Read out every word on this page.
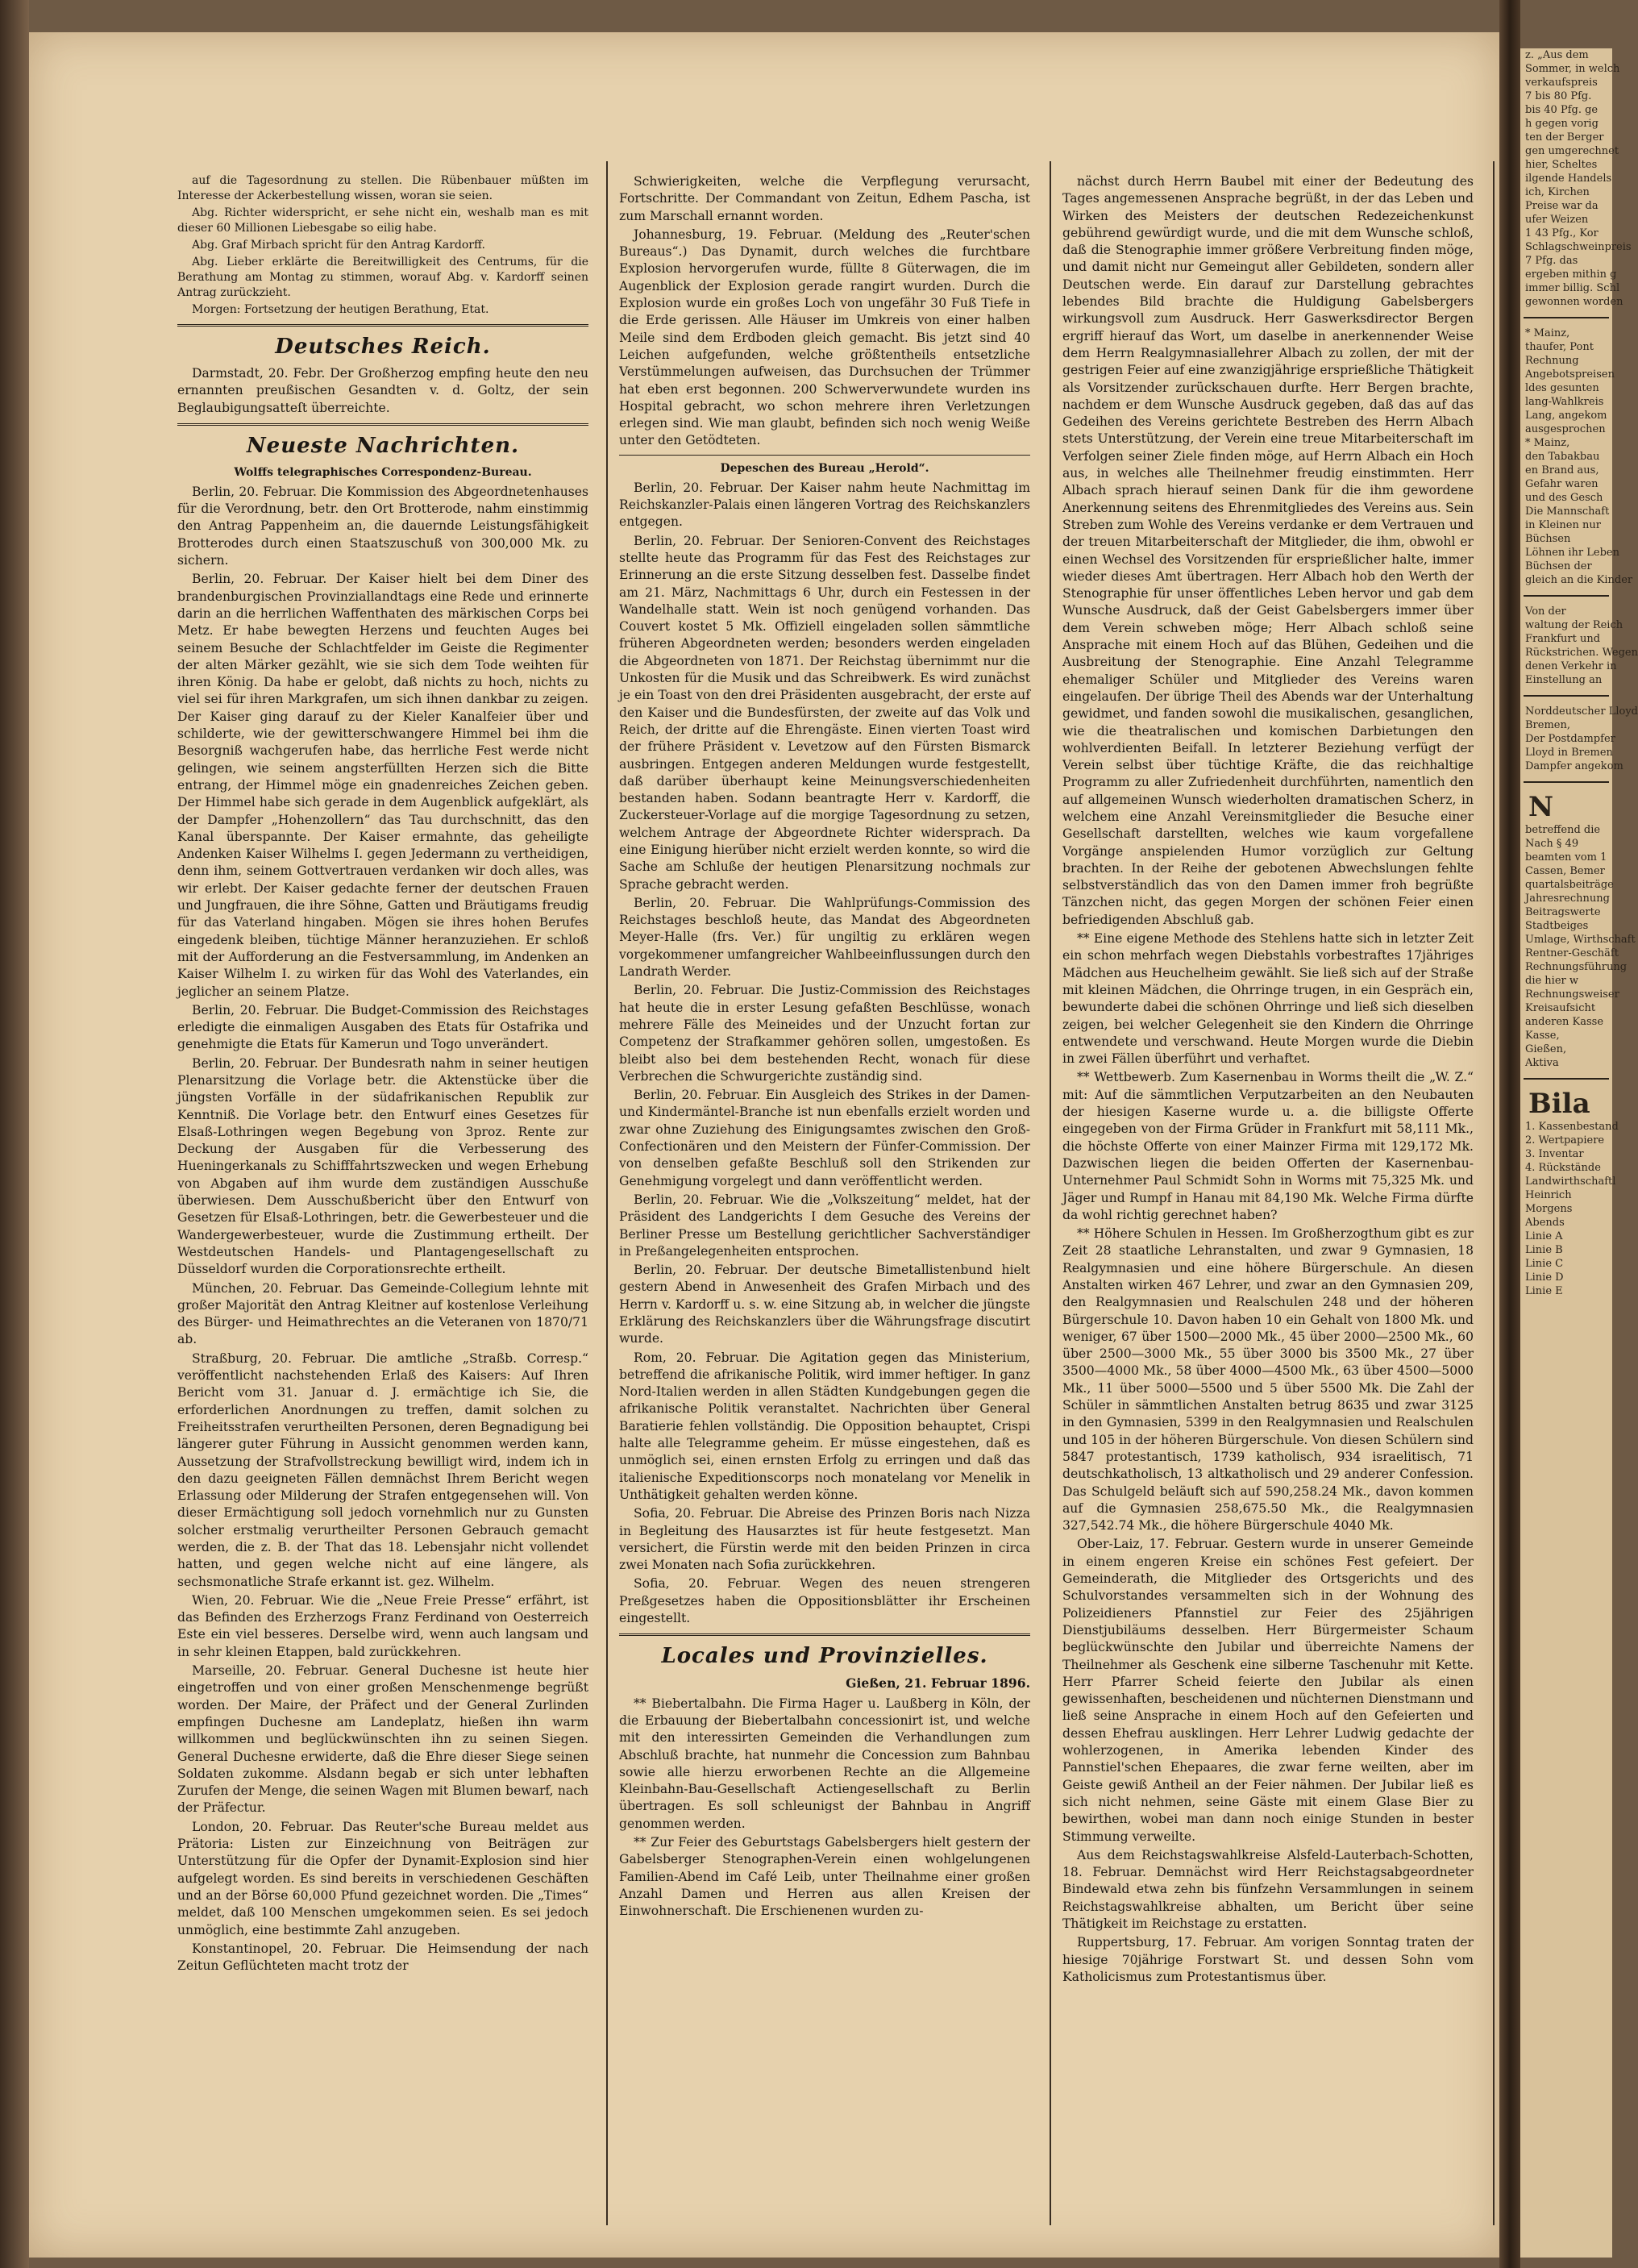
auf die Tagesordnung zu stellen. Die Rübenbauer müßten im Interesse der Ackerbestellung wissen, woran sie seien.

Abg. Richter widerspricht, er sehe nicht ein, weshalb man es mit dieser 60 Millionen Liebesgabe so eilig habe.

Abg. Graf Mirbach spricht für den Antrag Kardorff.

Abg. Lieber erklärte die Bereitwilligkeit des Centrums, für die Berathung am Montag zu stimmen, worauf Abg. v. Kardorff seinen Antrag zurückzieht.

Morgen: Fortsetzung der heutigen Berathung, Etat.

Deutsches Reich.

Darmstadt, 20. Febr. Der Großherzog empfing heute den neu ernannten preußischen Gesandten v. d. Goltz, der sein Beglaubigungsatteſt überreichte.

Neueste Nachrichten.
Wolffs telegraphisches Correspondenz-Bureau.

Berlin, 20. Februar. Die Kommission des Abgeordnetenhauses für die Verordnung, betr. den Ort Brotterode, nahm einstimmig den Antrag Pappenheim an, die dauernde Leistungsfähigkeit Brotterodes durch einen Staatszuschuß von 300,000 Mk. zu sichern.

Berlin, 20. Februar. Der Kaiser hielt bei dem Diner des brandenburgischen Provinziallandtags eine Rede und erinnerte darin an die herrlichen Waffenthaten des märkischen Corps bei Metz. Er habe bewegten Herzens und feuchten Auges bei seinem Besuche der Schlachtfelder im Geiste die Regimenter der alten Märker gezählt, wie sie sich dem Tode weihten für ihren König. Da habe er gelobt, daß nichts zu hoch, nichts zu viel sei für ihren Markgrafen, um sich ihnen dankbar zu zeigen. Der Kaiser ging darauf zu der Kieler Kanalfeier über und schilderte, wie der gewitterschwangere Himmel bei ihm die Besorgniß wachgerufen habe, das herrliche Fest werde nicht gelingen, wie seinem angsterfüllten Herzen sich die Bitte entrang, der Himmel möge ein gnadenreiches Zeichen geben. Der Himmel habe sich gerade in dem Augenblick aufgeklärt, als der Dampfer „Hohenzollern“ das Tau durchschnitt, das den Kanal überspannte. Der Kaiser ermahnte, das geheiligte Andenken Kaiser Wilhelms I. gegen Jedermann zu vertheidigen, denn ihm, seinem Gottvertrauen verdanken wir doch alles, was wir erlebt. Der Kaiser gedachte ferner der deutschen Frauen und Jungfrauen, die ihre Söhne, Gatten und Bräutigams freudig für das Vaterland hingaben. Mögen sie ihres hohen Berufes eingedenk bleiben, tüchtige Männer heranzuziehen. Er schloß mit der Aufforderung an die Festversammlung, im Andenken an Kaiser Wilhelm I. zu wirken für das Wohl des Vaterlandes, ein jeglicher an seinem Platze.

Berlin, 20. Februar. Die Budget-Commission des Reichstages erledigte die einmaligen Ausgaben des Etats für Ostafrika und genehmigte die Etats für Kamerun und Togo unverändert.

Berlin, 20. Februar. Der Bundesrath nahm in seiner heutigen Plenarsitzung die Vorlage betr. die Aktenstücke über die jüngsten Vorfälle in der südafrikanischen Republik zur Kenntniß. Die Vorlage betr. den Entwurf eines Gesetzes für Elsaß-Lothringen wegen Begebung von 3proz. Rente zur Deckung der Ausgaben für die Verbesserung des Hueningerkanals zu Schifffahrtszwecken und wegen Erhebung von Abgaben auf ihm wurde dem zuständigen Ausschuße überwiesen. Dem Ausschußbericht über den Entwurf von Gesetzen für Elsaß-Lothringen, betr. die Gewerbesteuer und die Wandergewerbesteuer, wurde die Zustimmung ertheilt. Der Westdeutschen Handels- und Plantagengesellschaft zu Düsseldorf wurden die Corporationsrechte ertheilt.

München, 20. Februar. Das Gemeinde-Collegium lehnte mit großer Majorität den Antrag Kleitner auf kostenlose Verleihung des Bürger- und Heimathrechtes an die Veteranen von 1870/71 ab.

Straßburg, 20. Februar. Die amtliche „Straßb. Corresp.“ veröffentlicht nachstehenden Erlaß des Kaisers: Auf Ihren Bericht vom 31. Januar d. J. ermächtige ich Sie, die erforderlichen Anordnungen zu treffen, damit solchen zu Freiheitsstrafen verurtheilten Personen, deren Begnadigung bei längerer guter Führung in Aussicht genommen werden kann, Aussetzung der Strafvollstreckung bewilligt wird, indem ich in den dazu geeigneten Fällen demnächst Ihrem Bericht wegen Erlassung oder Milderung der Strafen entgegensehen will. Von dieser Ermächtigung soll jedoch vornehmlich nur zu Gunsten solcher erstmalig verurtheilter Personen Gebrauch gemacht werden, die z. B. der That das 18. Lebensjahr nicht vollendet hatten, und gegen welche nicht auf eine längere, als sechsmonatliche Strafe erkannt ist. gez. Wilhelm.

Wien, 20. Februar. Wie die „Neue Freie Presse“ erfährt, ist das Befinden des Erzherzogs Franz Ferdinand von Oesterreich Este ein viel besseres. Derselbe wird, wenn auch langsam und in sehr kleinen Etappen, bald zurückkehren.

Marseille, 20. Februar. General Duchesne ist heute hier eingetroffen und von einer großen Menschenmenge begrüßt worden. Der Maire, der Präfect und der General Zurlinden empfingen Duchesne am Landeplatz, hießen ihn warm willkommen und beglückwünschten ihn zu seinen Siegen. General Duchesne erwiderte, daß die Ehre dieser Siege seinen Soldaten zukomme. Alsdann begab er sich unter lebhaften Zurufen der Menge, die seinen Wagen mit Blumen bewarf, nach der Präfectur.

London, 20. Februar. Das Reuter'sche Bureau meldet aus Prätoria: Listen zur Einzeichnung von Beiträgen zur Unterstützung für die Opfer der Dynamit-Explosion sind hier aufgelegt worden. Es sind bereits in verschiedenen Geschäften und an der Börse 60,000 Pfund gezeichnet worden. Die „Times“ meldet, daß 100 Menschen umgekommen seien. Es sei jedoch unmöglich, eine bestimmte Zahl anzugeben.

Konstantinopel, 20. Februar. Die Heimsendung der nach Zeitun Geflüchteten macht trotz der

Schwierigkeiten, welche die Verpflegung verursacht, Fortschritte. Der Commandant von Zeitun, Edhem Pascha, ist zum Marschall ernannt worden.

Johannesburg, 19. Februar. (Meldung des „Reuter'schen Bureaus“.) Das Dynamit, durch welches die furchtbare Explosion hervorgerufen wurde, füllte 8 Güterwagen, die im Augenblick der Explosion gerade rangirt wurden. Durch die Explosion wurde ein großes Loch von ungefähr 30 Fuß Tiefe in die Erde gerissen. Alle Häuser im Umkreis von einer halben Meile sind dem Erdboden gleich gemacht. Bis jetzt sind 40 Leichen aufgefunden, welche größtentheils entsetzliche Verstümmelungen aufweisen, das Durchsuchen der Trümmer hat eben erst begonnen. 200 Schwerverwundete wurden ins Hospital gebracht, wo schon mehrere ihren Verletzungen erlegen sind. Wie man glaubt, befinden sich noch wenig Weiße unter den Getödteten.

Depeschen des Bureau „Herold“.

Berlin, 20. Februar. Der Kaiser nahm heute Nachmittag im Reichskanzler-Palais einen längeren Vortrag des Reichskanzlers entgegen.

Berlin, 20. Februar. Der Senioren-Convent des Reichstages stellte heute das Programm für das Fest des Reichstages zur Erinnerung an die erste Sitzung desselben fest. Dasselbe findet am 21. März, Nachmittags 6 Uhr, durch ein Festessen in der Wandelhalle statt. Wein ist noch genügend vorhanden. Das Couvert kostet 5 Mk. Offiziell eingeladen sollen sämmtliche früheren Abgeordneten werden; besonders werden eingeladen die Abgeordneten von 1871. Der Reichstag übernimmt nur die Unkosten für die Musik und das Schreibwerk. Es wird zunächst je ein Toast von den drei Präsidenten ausgebracht, der erste auf den Kaiser und die Bundesfürsten, der zweite auf das Volk und Reich, der dritte auf die Ehrengäste. Einen vierten Toast wird der frühere Präsident v. Levetzow auf den Fürsten Bismarck ausbringen. Entgegen anderen Meldungen wurde festgestellt, daß darüber überhaupt keine Meinungsverschiedenheiten bestanden haben. Sodann beantragte Herr v. Kardorff, die Zuckersteuer-Vorlage auf die morgige Tagesordnung zu setzen, welchem Antrage der Abgeordnete Richter widersprach. Da eine Einigung hierüber nicht erzielt werden konnte, so wird die Sache am Schluße der heutigen Plenarsitzung nochmals zur Sprache gebracht werden.

Berlin, 20. Februar. Die Wahlprüfungs-Commission des Reichstages beschloß heute, das Mandat des Abgeordneten Meyer-Halle (frs. Ver.) für ungiltig zu erklären wegen vorgekommener umfangreicher Wahlbeeinflussungen durch den Landrath Werder.

Berlin, 20. Februar. Die Justiz-Commission des Reichstages hat heute die in erster Lesung gefaßten Beschlüsse, wonach mehrere Fälle des Meineides und der Unzucht fortan zur Competenz der Strafkammer gehören sollen, umgestoßen. Es bleibt also bei dem bestehenden Recht, wonach für diese Verbrechen die Schwurgerichte zuständig sind.

Berlin, 20. Februar. Ein Ausgleich des Strikes in der Damen- und Kindermäntel-Branche ist nun ebenfalls erzielt worden und zwar ohne Zuziehung des Einigungsamtes zwischen den Groß-Confectionären und den Meistern der Fünfer-Commission. Der von denselben gefaßte Beschluß soll den Strikenden zur Genehmigung vorgelegt und dann veröffentlicht werden.

Berlin, 20. Februar. Wie die „Volkszeitung“ meldet, hat der Präsident des Landgerichts I dem Gesuche des Vereins der Berliner Presse um Bestellung gerichtlicher Sachverständiger in Preßangelegenheiten entsprochen.

Berlin, 20. Februar. Der deutsche Bimetallistenbund hielt gestern Abend in Anwesenheit des Grafen Mirbach und des Herrn v. Kardorff u. s. w. eine Sitzung ab, in welcher die jüngste Erklärung des Reichskanzlers über die Währungsfrage discutirt wurde.

Rom, 20. Februar. Die Agitation gegen das Ministerium, betreffend die afrikanische Politik, wird immer heftiger. In ganz Nord-Italien werden in allen Städten Kundgebungen gegen die afrikanische Politik veranstaltet. Nachrichten über General Baratierie fehlen vollständig. Die Opposition behauptet, Crispi halte alle Telegramme geheim. Er müsse eingestehen, daß es unmöglich sei, einen ernsten Erfolg zu erringen und daß das italienische Expeditionscorps noch monatelang vor Menelik in Unthätigkeit gehalten werden könne.

Sofia, 20. Februar. Die Abreise des Prinzen Boris nach Nizza in Begleitung des Hausarztes ist für heute festgesetzt. Man versichert, die Fürstin werde mit den beiden Prinzen in circa zwei Monaten nach Sofia zurückkehren.

Sofia, 20. Februar. Wegen des neuen strengeren Preßgesetzes haben die Oppositionsblätter ihr Erscheinen eingestellt.

Locales und Provinzielles.
Gießen, 21. Februar 1896.

** Biebertalbahn. Die Firma Hager u. Laußberg in Köln, der die Erbauung der Biebertalbahn concessionirt ist, und welche mit den interessirten Gemeinden die Verhandlungen zum Abschluß brachte, hat nunmehr die Concession zum Bahnbau sowie alle hierzu erworbenen Rechte an die Allgemeine Kleinbahn-Bau-Gesellschaft Actiengesellschaft zu Berlin übertragen. Es soll schleunigst der Bahnbau in Angriff genommen werden.

** Zur Feier des Geburtstags Gabelsbergers hielt gestern der Gabelsberger Stenographen-Verein einen wohlgelungenen Familien-Abend im Café Leib, unter Theilnahme einer großen Anzahl Damen und Herren aus allen Kreisen der Einwohnerschaft. Die Erschienenen wurden zu-

nächst durch Herrn Baubel mit einer der Bedeutung des Tages angemessenen Ansprache begrüßt, in der das Leben und Wirken des Meisters der deutschen Redezeichenkunst gebührend gewürdigt wurde, und die mit dem Wunsche schloß, daß die Stenographie immer größere Verbreitung finden möge, und damit nicht nur Gemeingut aller Gebildeten, sondern aller Deutschen werde. Ein darauf zur Darstellung gebrachtes lebendes Bild brachte die Huldigung Gabelsbergers wirkungsvoll zum Ausdruck. Herr Gaswerksdirector Bergen ergriff hierauf das Wort, um daselbe in anerkennender Weise dem Herrn Realgymnasiallehrer Albach zu zollen, der mit der gestrigen Feier auf eine zwanzigjährige ersprießliche Thätigkeit als Vorsitzender zurückschauen durfte. Herr Bergen brachte, nachdem er dem Wunsche Ausdruck gegeben, daß das auf das Gedeihen des Vereins gerichtete Bestreben des Herrn Albach stets Unterstützung, der Verein eine treue Mitarbeiterschaft im Verfolgen seiner Ziele finden möge, auf Herrn Albach ein Hoch aus, in welches alle Theilnehmer freudig einstimmten. Herr Albach sprach hierauf seinen Dank für die ihm gewordene Anerkennung seitens des Ehrenmitgliedes des Vereins aus. Sein Streben zum Wohle des Vereins verdanke er dem Vertrauen und der treuen Mitarbeiterschaft der Mitglieder, die ihm, obwohl er einen Wechsel des Vorsitzenden für ersprießlicher halte, immer wieder dieses Amt übertragen. Herr Albach hob den Werth der Stenographie für unser öffentliches Leben hervor und gab dem Wunsche Ausdruck, daß der Geist Gabelsbergers immer über dem Verein schweben möge; Herr Albach schloß seine Ansprache mit einem Hoch auf das Blühen, Gedeihen und die Ausbreitung der Stenographie. Eine Anzahl Telegramme ehemaliger Schüler und Mitglieder des Vereins waren eingelaufen. Der übrige Theil des Abends war der Unterhaltung gewidmet, und fanden sowohl die musikalischen, gesanglichen, wie die theatralischen und komischen Darbietungen den wohlverdienten Beifall. In letzterer Beziehung verfügt der Verein selbst über tüchtige Kräfte, die das reichhaltige Programm zu aller Zufriedenheit durchführten, namentlich den auf allgemeinen Wunsch wiederholten dramatischen Scherz, in welchem eine Anzahl Vereinsmitglieder die Besuche einer Gesellschaft darstellten, welches wie kaum vorgefallene Vorgänge anspielenden Humor vorzüglich zur Geltung brachten. In der Reihe der gebotenen Abwechslungen fehlte selbstverständlich das von den Damen immer froh begrüßte Tänzchen nicht, das gegen Morgen der schönen Feier einen befriedigenden Abschluß gab.

** Eine eigene Methode des Stehlens hatte sich in letzter Zeit ein schon mehrfach wegen Diebstahls vorbestraftes 17jähriges Mädchen aus Heuchelheim gewählt. Sie ließ sich auf der Straße mit kleinen Mädchen, die Ohrringe trugen, in ein Gespräch ein, bewunderte dabei die schönen Ohrringe und ließ sich dieselben zeigen, bei welcher Gelegenheit sie den Kindern die Ohrringe entwendete und verschwand. Heute Morgen wurde die Diebin in zwei Fällen überführt und verhaftet.

** Wettbewerb. Zum Kasernenbau in Worms theilt die „W. Z.“ mit: Auf die sämmtlichen Verputzarbeiten an den Neubauten der hiesigen Kaserne wurde u. a. die billigste Offerte eingegeben von der Firma Grüder in Frankfurt mit 58,111 Mk., die höchste Offerte von einer Mainzer Firma mit 129,172 Mk. Dazwischen liegen die beiden Offerten der Kasernenbau-Unternehmer Paul Schmidt Sohn in Worms mit 75,325 Mk. und Jäger und Rumpf in Hanau mit 84,190 Mk. Welche Firma dürfte da wohl richtig gerechnet haben?

** Höhere Schulen in Hessen. Im Großherzogthum gibt es zur Zeit 28 staatliche Lehranstalten, und zwar 9 Gymnasien, 18 Realgymnasien und eine höhere Bürgerschule. An diesen Anstalten wirken 467 Lehrer, und zwar an den Gymnasien 209, den Realgymnasien und Realschulen 248 und der höheren Bürgerschule 10. Davon haben 10 ein Gehalt von 1800 Mk. und weniger, 67 über 1500—2000 Mk., 45 über 2000—2500 Mk., 60 über 2500—3000 Mk., 55 über 3000 bis 3500 Mk., 27 über 3500—4000 Mk., 58 über 4000—4500 Mk., 63 über 4500—5000 Mk., 11 über 5000—5500 und 5 über 5500 Mk. Die Zahl der Schüler in sämmtlichen Anstalten betrug 8635 und zwar 3125 in den Gymnasien, 5399 in den Realgymnasien und Realschulen und 105 in der höheren Bürgerschule. Von diesen Schülern sind 5847 protestantisch, 1739 katholisch, 934 israelitisch, 71 deutschkatholisch, 13 altkatholisch und 29 anderer Confession. Das Schulgeld beläuft sich auf 590,258.24 Mk., davon kommen auf die Gymnasien 258,675.50 Mk., die Realgymnasien 327,542.74 Mk., die höhere Bürgerschule 4040 Mk.

Ober-Laiz, 17. Februar. Gestern wurde in unserer Gemeinde in einem engeren Kreise ein schönes Fest gefeiert. Der Gemeinderath, die Mitglieder des Ortsgerichts und des Schulvorstandes versammelten sich in der Wohnung des Polizeidieners Pfannstiel zur Feier des 25jährigen Dienstjubiläums desselben. Herr Bürgermeister Schaum beglückwünschte den Jubilar und überreichte Namens der Theilnehmer als Geschenk eine silberne Taschenuhr mit Kette. Herr Pfarrer Scheid feierte den Jubilar als einen gewissenhaften, bescheidenen und nüchternen Dienstmann und ließ seine Ansprache in einem Hoch auf den Gefeierten und dessen Ehefrau ausklingen. Herr Lehrer Ludwig gedachte der wohlerzogenen, in Amerika lebenden Kinder des Pannstiel'schen Ehepaares, die zwar ferne weilten, aber im Geiste gewiß Antheil an der Feier nähmen. Der Jubilar ließ es sich nicht nehmen, seine Gäste mit einem Glase Bier zu bewirthen, wobei man dann noch einige Stunden in bester Stimmung verweilte.

Aus dem Reichstagswahlkreise Alsfeld-Lauterbach-Schotten, 18. Februar. Demnächst wird Herr Reichstagsabgeordneter Bindewald etwa zehn bis fünfzehn Versammlungen in seinem Reichstagswahlkreise abhalten, um Bericht über seine Thätigkeit im Reichstage zu erstatten.

Ruppertsburg, 17. Februar. Am vorigen Sonntag traten der hiesige 70jährige Forstwart St. und dessen Sohn vom Katholicismus zum Protestantismus über.

z. „Aus dem
Sommer, in welch
verkaufspreis
7 bis 80 Pfg.
bis 40 Pfg. ge
h gegen vorig
ten der Berger
gen umgerechnet
hier, Scheltes
ilgende Handels
ich, Kirchen
Preise war da
ufer Weizen
1 43 Pfg., Kor
Schlagschweinpreis
7 Pfg. das
ergeben mithin g
immer billig. Schl
gewonnen worden
* Mainz,
thaufer, Pont
Rechnung
Angebotspreisen
ldes gesunten
lang-Wahlkreis
Lang, angekom
ausgesprochen
* Mainz,
den Tabakbau
en Brand aus,
Gefahr waren
und des Gesch
Die Mannschaft
in Kleinen nur
Büchsen
Löhnen ihr Leben
Büchsen der
gleich an die Kinder
Von der
waltung der Reich
Frankfurt und
Rückstrichen. Wegen
denen Verkehr in
Einstellung an
Norddeutscher Lloyd
Bremen,
Der Postdampfer
Lloyd in Bremen
Dampfer angekom
N
betreffend die
Nach § 49
beamten vom 1
Cassen, Bemer
quartalsbeiträge
Jahresrechnung
Beitragswerte
Stadtbeiges
Umlage, Wirthschaft
Rentner-Geschäft
Rechnungsführung
die hier w
Rechnungsweiser
Kreisaufsicht
anderen Kasse
Kasse,
Gießen,
Aktiva
Bila
1. Kassenbestand
2. Wertpapiere
3. Inventar
4. Rückstände
Landwirthschaftl
Heinrich
Morgens
Abends
Linie A
Linie B
Linie C
Linie D
Linie E
